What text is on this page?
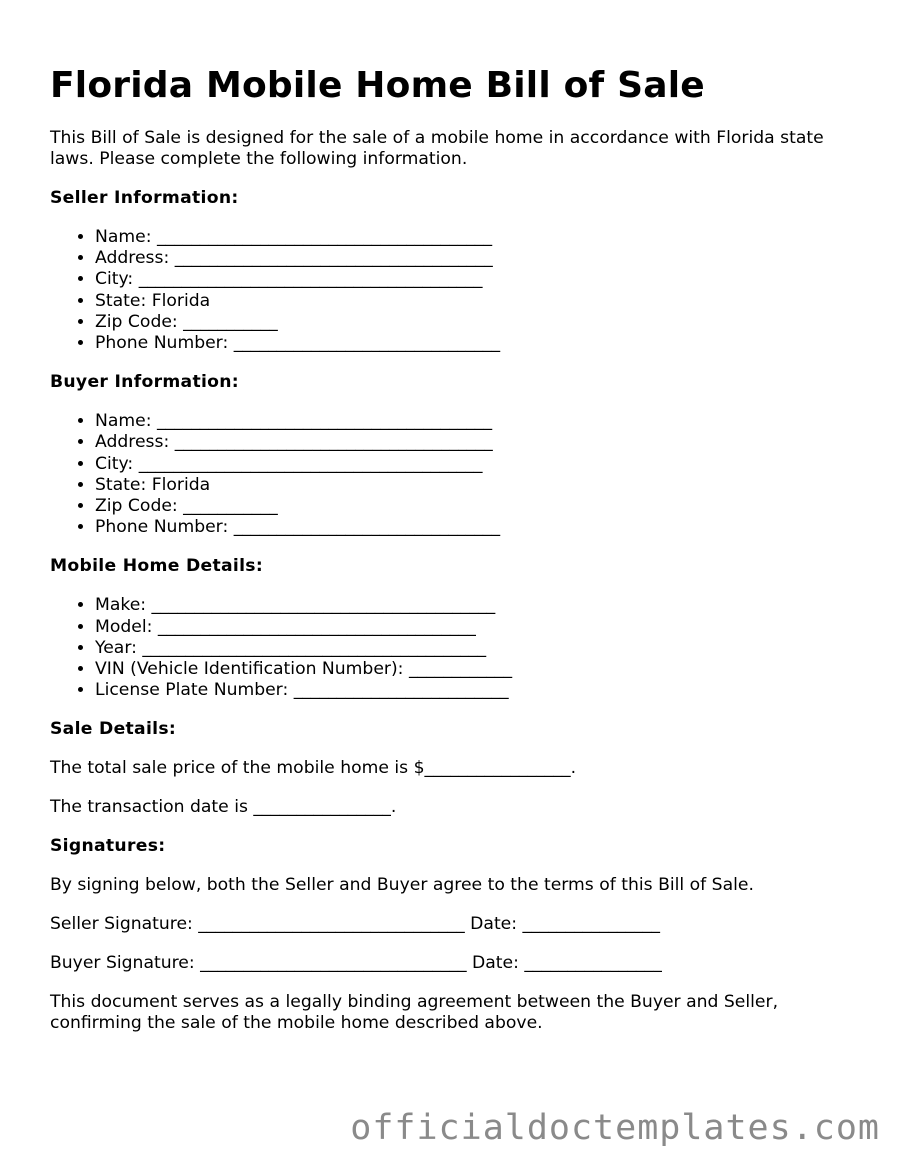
Florida Mobile Home Bill of Sale

This Bill of Sale is designed for the sale of a mobile home in accordance with Florida state laws. Please complete the following information.

Seller Information:
• Name: _______________________________________
• Address: _____________________________________
• City: ________________________________________
• State: Florida
• Zip Code: ___________
• Phone Number: _______________________________
Buyer Information:
• Name: _______________________________________
• Address: _____________________________________
• City: ________________________________________
• State: Florida
• Zip Code: ___________
• Phone Number: _______________________________
Mobile Home Details:
• Make: ________________________________________
• Model: _____________________________________
• Year: ________________________________________
• VIN (Vehicle Identification Number): ____________
• License Plate Number: _________________________
Sale Details:

The total sale price of the mobile home is $_________________.

The transaction date is ________________.

Signatures:

By signing below, both the Seller and Buyer agree to the terms of this Bill of Sale.

Seller Signature: _______________________________ Date: ________________

Buyer Signature: _______________________________ Date: ________________

This document serves as a legally binding agreement between the Buyer and Seller, confirming the sale of the mobile home described above.

officialdoctemplates.com
